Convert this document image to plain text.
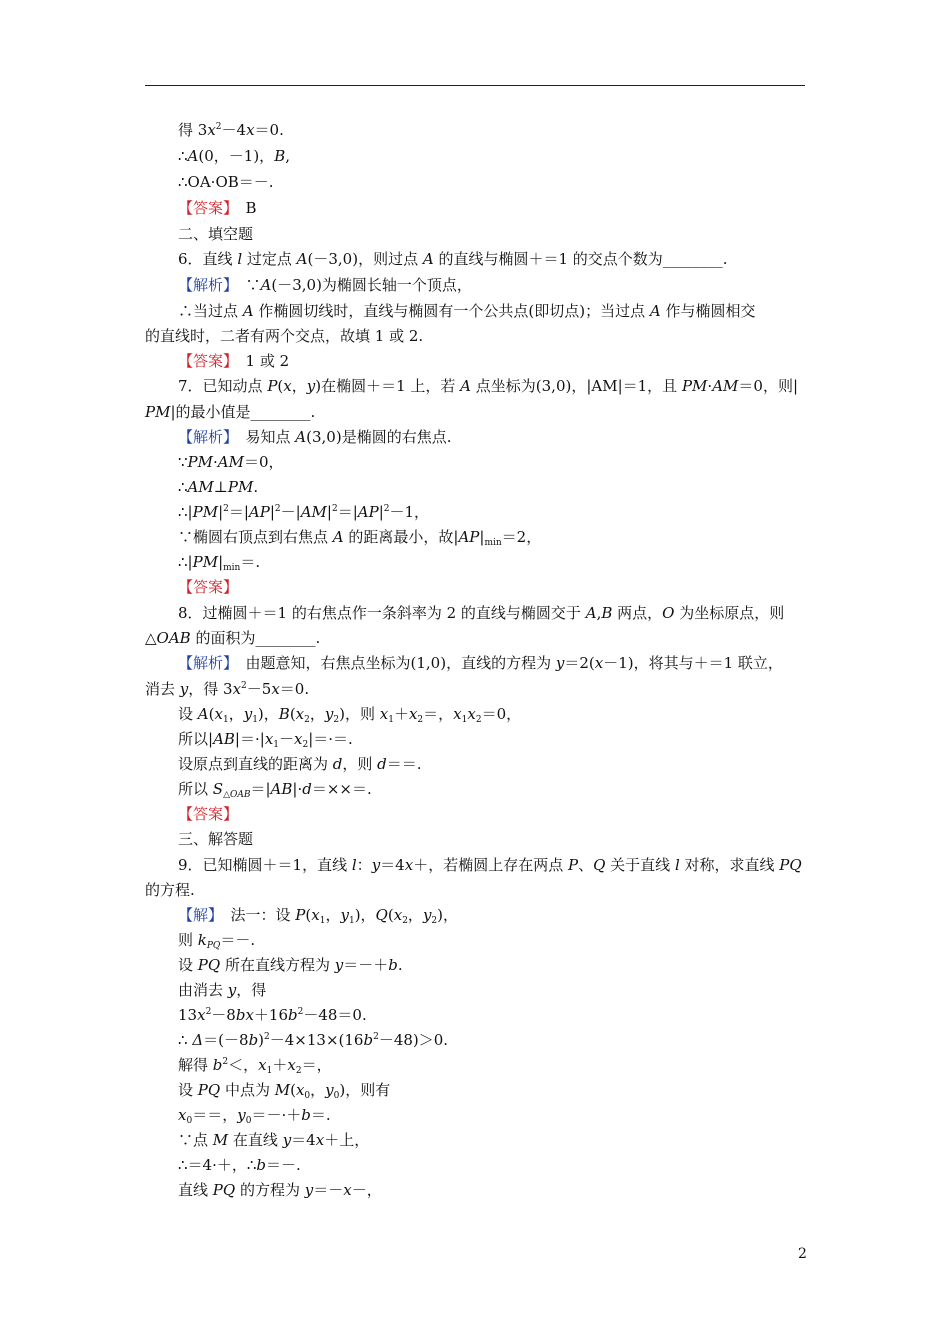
得 $3x^2-4x=0$.
∴A(0，－1)，B,
∴OA·OB＝－.
【答案】　B
二、填空题
6．直线 l 过定点 A(－3,0)，则过点 A 的直线与椭圆＋＝1 的交点个数为________.
【解析】　∵A(－3,0)为椭圆长轴一个顶点，
∴当过点 A 作椭圆切线时，直线与椭圆有一个公共点(即切点)；当过点 A 作与椭圆相交
的直线时，二者有两个交点，故填 1 或 2.
【答案】　1 或 2
7．已知动点 P(x，y)在椭圆＋＝1 上，若 A 点坐标为(3,0)，|AM|＝1，且 PM·AM＝0，则|
PM|的最小值是________.
【解析】　易知点 A(3,0)是椭圆的右焦点.
∵PM·AM＝0，
∴AM⊥PM.
$\therefore|PM|^2=|AP|^2-|AM|^2=|AP|^2-1$，
∵椭圆右顶点到右焦点 A 的距离最小，故$|AP|_{min}=2$，
$\therefore|PM|_{min}=$.
【答案】
8．过椭圆＋＝1 的右焦点作一条斜率为 2 的直线与椭圆交于 A,B 两点，O 为坐标原点，则
△OAB 的面积为________.
【解析】　由题意知，右焦点坐标为(1,0)，直线的方程为 y＝2(x－1)，将其与＋＝1 联立，
消去 y，得 $3x^2-5x=0$.
设 $A(x_1$，$y_1$)，$B(x_2$，$y_2$)，则 $x_1+x_2=$，$x_1x_2=0$，
所以$|AB|=\cdot|x_1-x_2|=\cdot=$.
设原点到直线的距离为 d，则 d＝＝.
所以 $S_{\triangle OAB}=|AB|\cdot d=\times\times=$.
【答案】
三、解答题
9．已知椭圆＋＝1，直线 l：y＝4x＋，若椭圆上存在两点 P、Q 关于直线 l 对称，求直线 PQ
的方程.
【解】　法一：设 $P(x_1$，$y_1$)，$Q(x_2$，$y_2$)，
则 $k_{PQ}=-$.
设 PQ 所在直线方程为 y＝－＋b.
由消去 y，得
$13x^2-8bx+16b^2-48=0$.
∴ $\Delta=(-8b)^2-4\times 13\times(16b^2-48)>0$.
解得 $b^2<$，$x_1+x_2=$，
设 PQ 中点为 $M(x_0$，$y_0$)，则有
$x_0==$，$y_0=-\cdot+b=$.
∵点 M 在直线 y＝4x＋上，
∴＝4·＋，∴b＝－.
直线 PQ 的方程为 y＝－x－，
2
